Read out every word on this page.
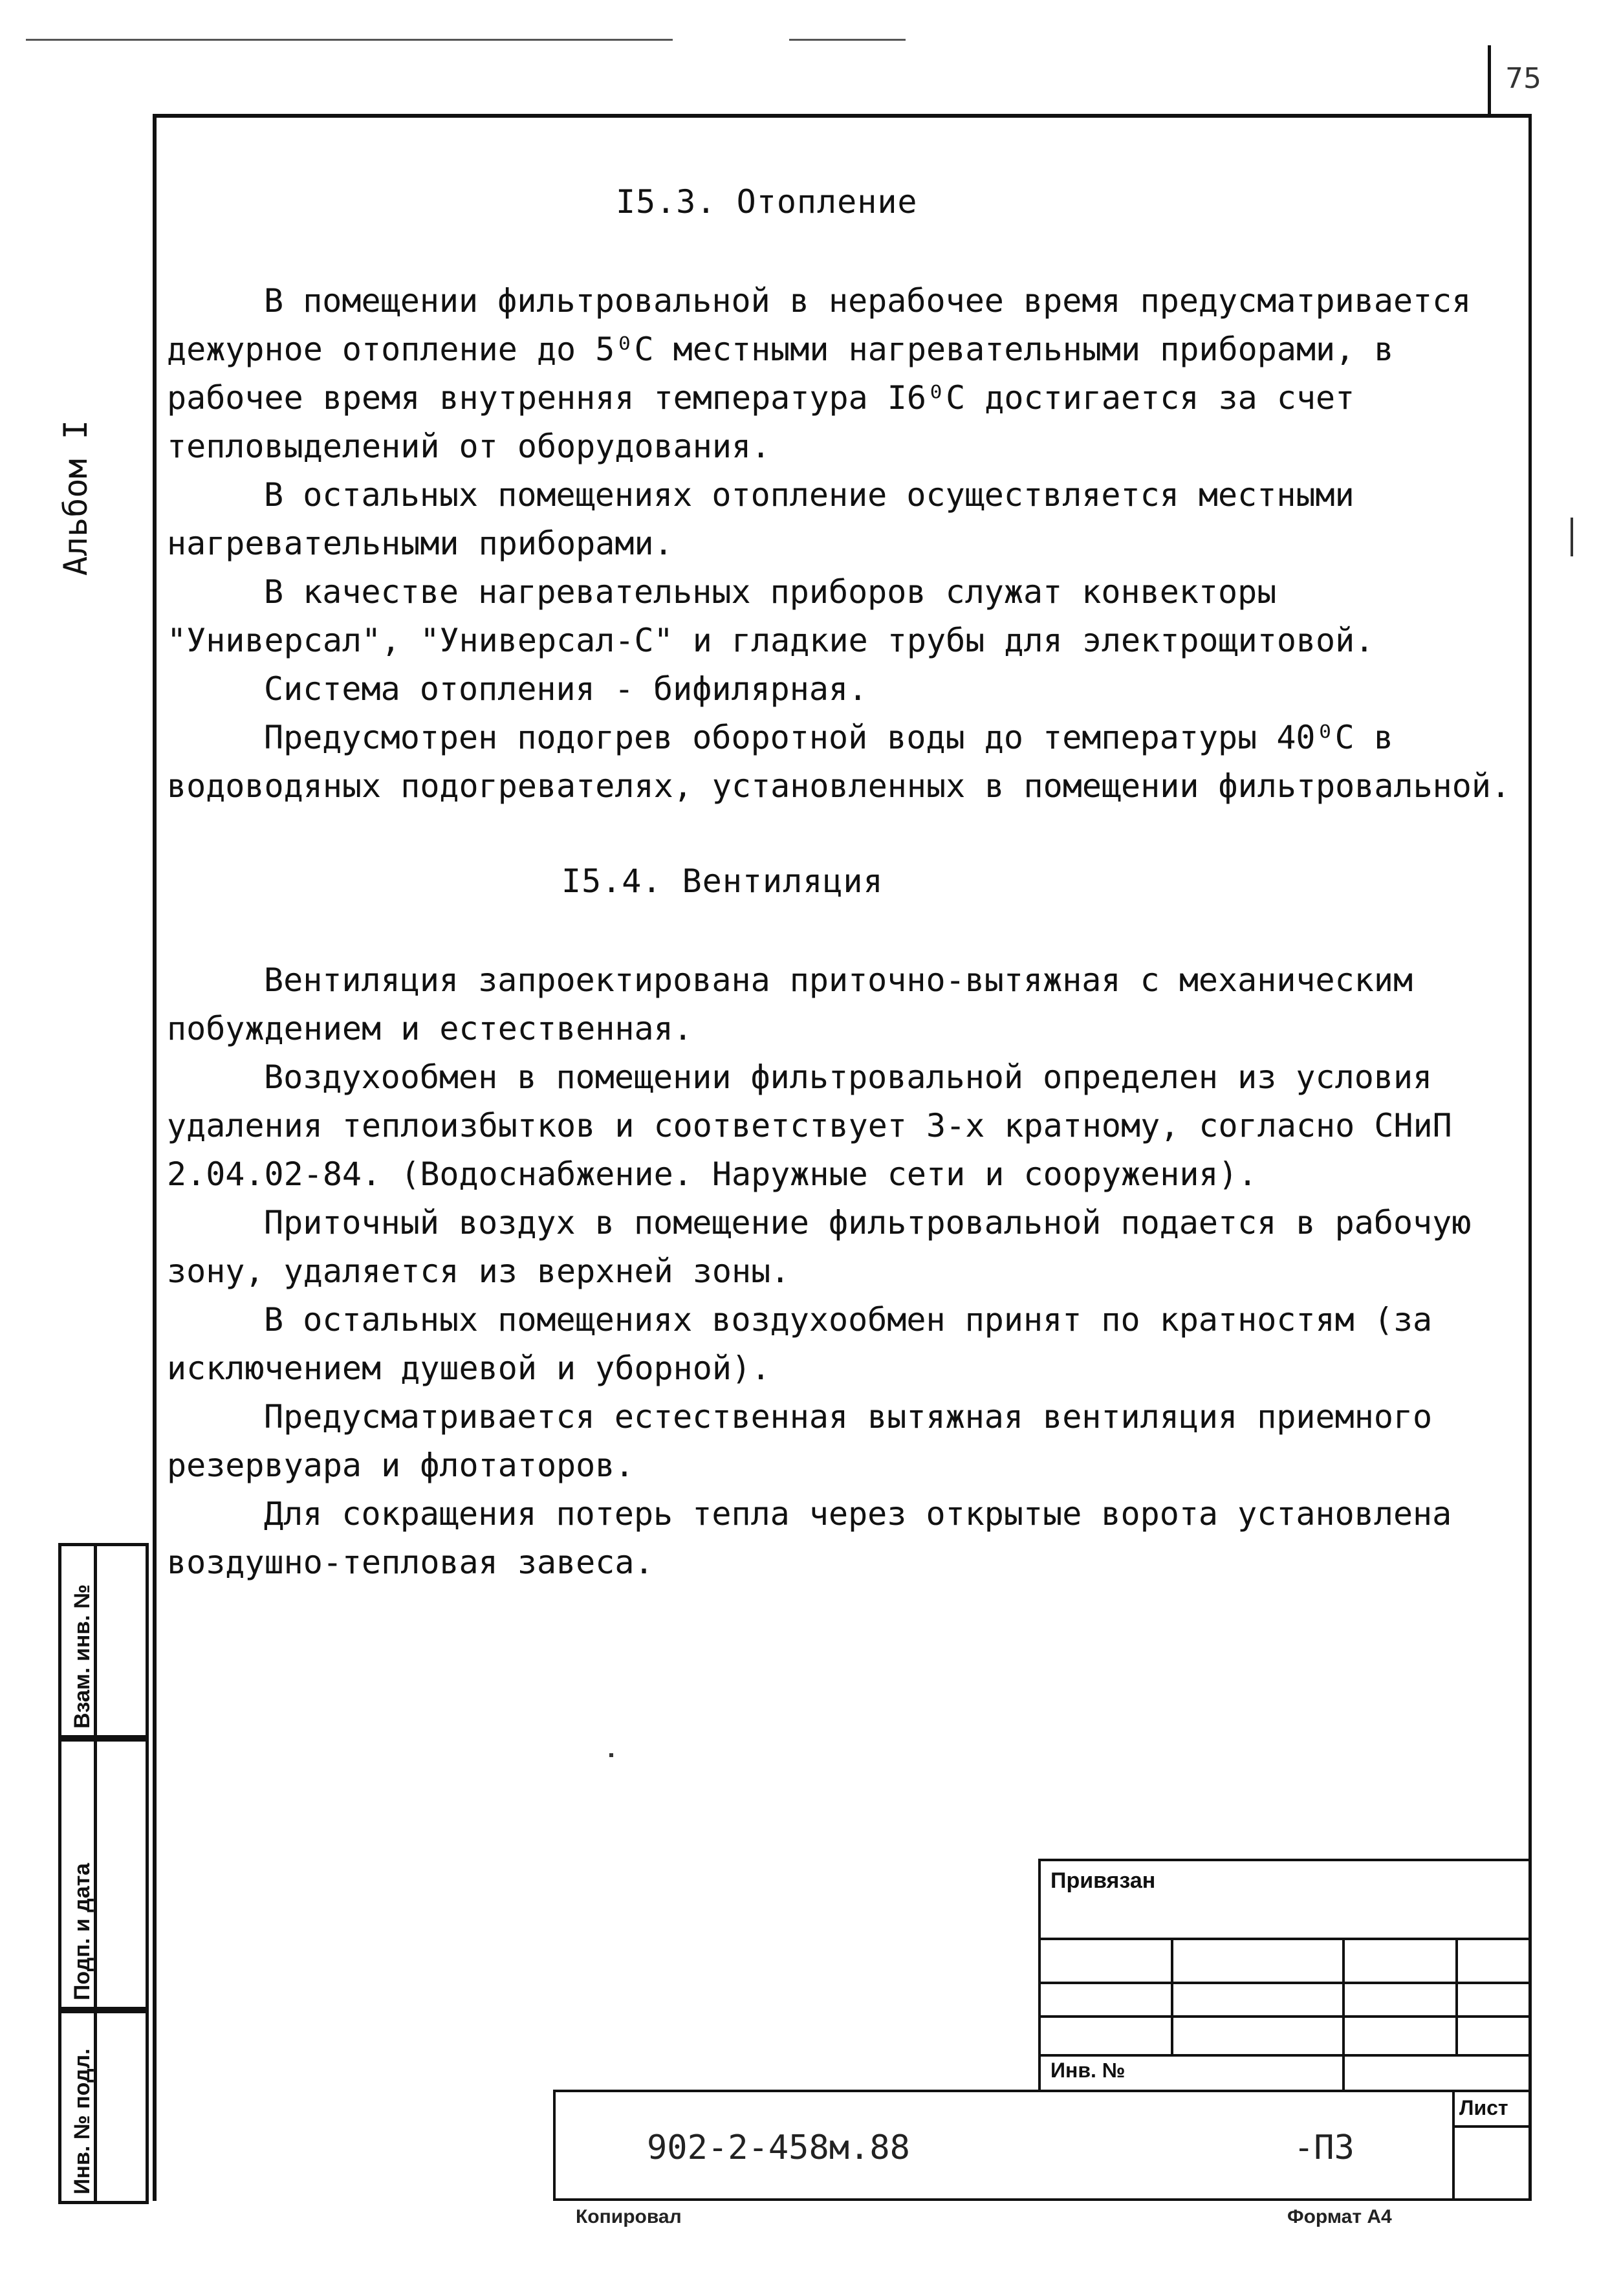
75
Альбом I
I5.3. Отопление
В помещении фильтровальной в нерабочее время предусматривается дежурное отопление до 5⁰С местными нагревательными приборами, в рабочее время внутренняя температура I6⁰С достигается за счет тепловыделений от оборудования.
В остальных помещениях отопление осуществляется местными нагревательными приборами.
В качестве нагревательных приборов служат конвекторы "Универсал", "Универсал-С" и гладкие трубы для электрощитовой.
Система отопления - бифилярная.
Предусмотрен подогрев оборотной воды до температуры 40⁰С в водоводяных подогревателях, установленных в помещении фильтровальной.
I5.4. Вентиляция
Вентиляция запроектирована приточно-вытяжная с механическим побуждением и естественная.
Воздухообмен в помещении фильтровальной определен из условия удаления теплоизбытков и соответствует 3-х кратному, согласно СНиП 2.04.02-84. (Водоснабжение. Наружные сети и сооружения).
Приточный воздух в помещение фильтровальной подается в рабочую зону, удаляется из верхней зоны.
В остальных помещениях воздухообмен принят по кратностям (за исключением душевой и уборной).
Предусматривается естественная вытяжная вентиляция приемного резервуара и флотаторов.
Для сокращения потерь тепла через открытые ворота установлена воздушно-тепловая завеса.
Взам. инв. №
Подп. и дата
Инв. № подл.
Привязан
Инв. №
Лист
902-2-458м.88	-ПЗ
Копировал	Формат А4
